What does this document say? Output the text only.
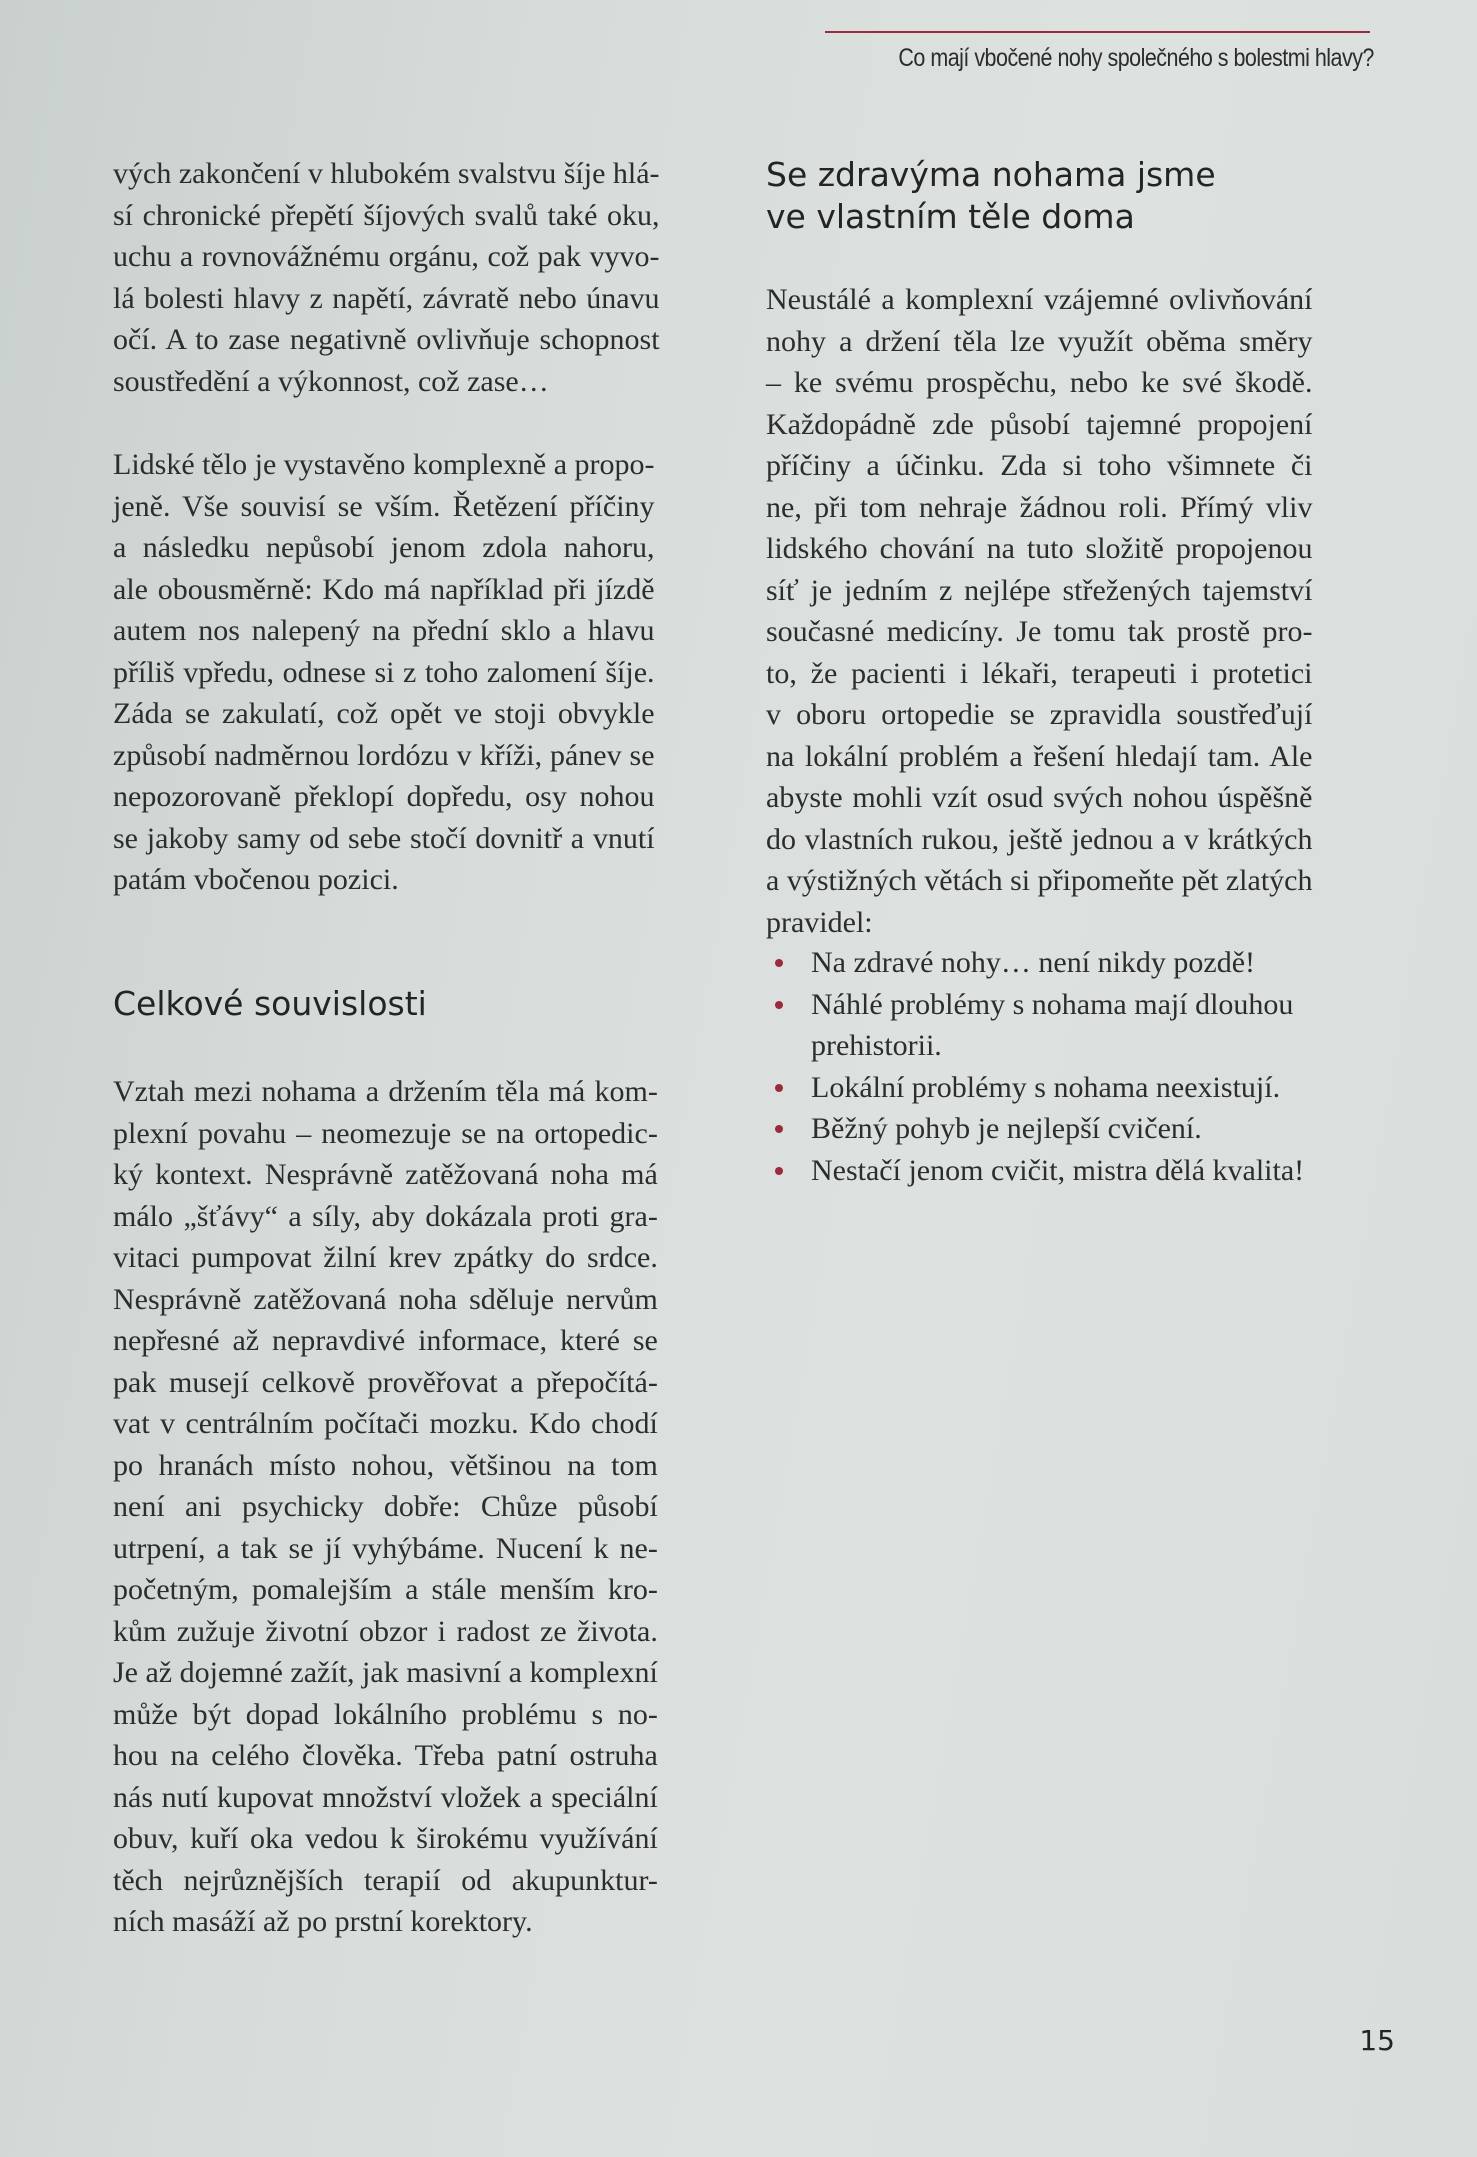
Co mají vbočené nohy společného s bolestmi hlavy?

vých zakončení v hlubokém svalstvu šíje hlá-
sí chronické přepětí šíjových svalů také oku,
uchu a rovnovážnému orgánu, což pak vyvo-
lá bolesti hlavy z napětí, závratě nebo únavu
očí. A to zase negativně ovlivňuje schopnost
soustředění a výkonnost, což zase…

Lidské tělo je vystavěno komplexně a propo-
jeně. Vše souvisí se vším. Řetězení příčiny
a následku nepůsobí jenom zdola nahoru,
ale obousměrně: Kdo má například při jízdě
autem nos nalepený na přední sklo a hlavu
příliš vpředu, odnese si z toho zalomení šíje.
Záda se zakulatí, což opět ve stoji obvykle
způsobí nadměrnou lordózu v kříži, pánev se
nepozorovaně překlopí dopředu, osy nohou
se jakoby samy od sebe stočí dovnitř a vnutí
patám vbočenou pozici.

Celkové souvislosti

Vztah mezi nohama a držením těla má kom-
plexní povahu – neomezuje se na ortopedic-
ký kontext. Nesprávně zatěžovaná noha má
málo „šťávy“ a síly, aby dokázala proti gra-
vitaci pumpovat žilní krev zpátky do srdce.
Nesprávně zatěžovaná noha sděluje nervům
nepřesné až nepravdivé informace, které se
pak musejí celkově prověřovat a přepočítá-
vat v centrálním počítači mozku. Kdo chodí
po hranách místo nohou, většinou na tom
není ani psychicky dobře: Chůze působí
utrpení, a tak se jí vyhýbáme. Nucení k ne-
početným, pomalejším a stále menším kro-
kům zužuje životní obzor i radost ze života.
Je až dojemné zažít, jak masivní a komplexní
může být dopad lokálního problému s no-
hou na celého člověka. Třeba patní ostruha
nás nutí kupovat množství vložek a speciální
obuv, kuří oka vedou k širokému využívání
těch nejrůznějších terapií od akupunktur-
ních masáží až po prstní korektory.

Se zdravýma nohama jsme
ve vlastním těle doma

Neustálé a komplexní vzájemné ovlivňování
nohy a držení těla lze využít oběma směry
– ke svému prospěchu, nebo ke své škodě.
Každopádně zde působí tajemné propojení
příčiny a účinku. Zda si toho všimnete či
ne, při tom nehraje žádnou roli. Přímý vliv
lidského chování na tuto složitě propojenou
síť je jedním z nejlépe střežených tajemství
současné medicíny. Je tomu tak prostě pro-
to, že pacienti i lékaři, terapeuti i protetici
v oboru ortopedie se zpravidla soustřeďují
na lokální problém a řešení hledají tam. Ale
abyste mohli vzít osud svých nohou úspěšně
do vlastních rukou, ještě jednou a v krátkých
a výstižných větách si připomeňte pět zlatých
pravidel:

Na zdravé nohy… není nikdy pozdě!
Náhlé problémy s nohama mají dlouhou
prehistorii.
Lokální problémy s nohama neexistují.
Běžný pohyb je nejlepší cvičení.
Nestačí jenom cvičit, mistra dělá kvalita!
15
